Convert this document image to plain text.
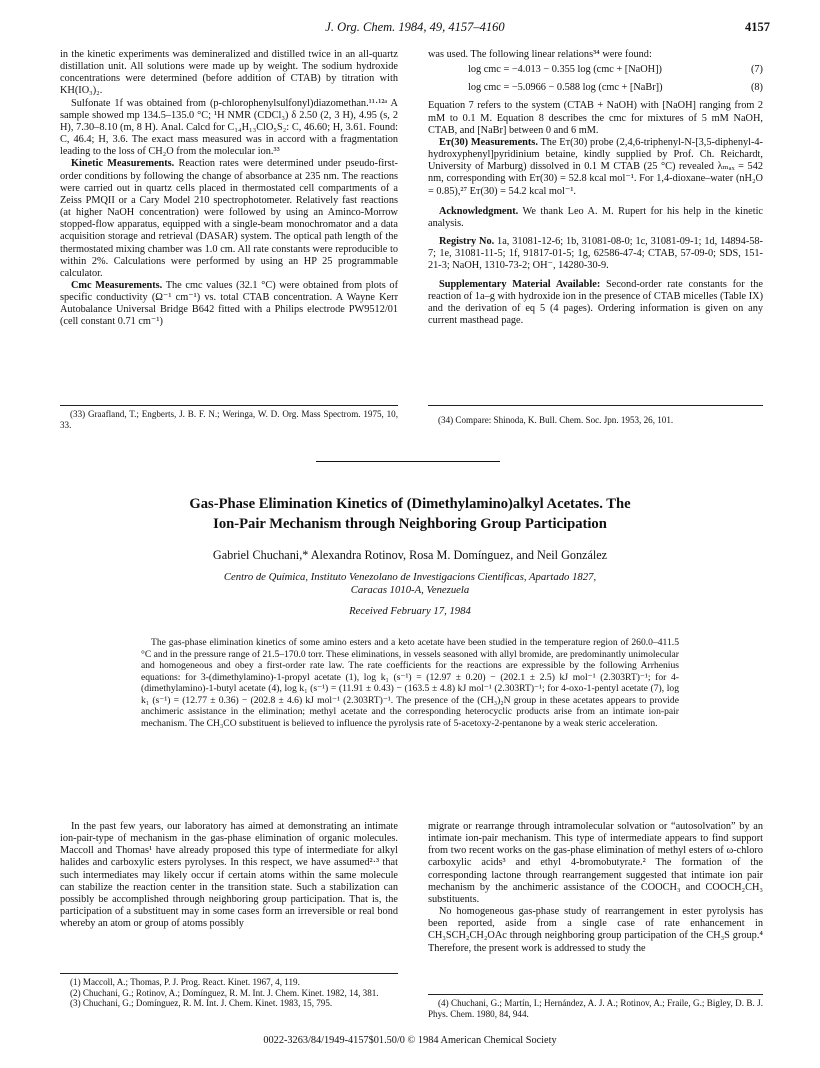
J. Org. Chem. 1984, 49, 4157–4160	4157

in the kinetic experiments was demineralized and distilled twice in an all-quartz distillation unit. All solutions were made up by weight. The sodium hydroxide concentrations were determined (before addition of CTAB) by titration with KH(IO₃)₂.

Sulfonate 1f was obtained from (p-chlorophenylsulfonyl)diazomethan.¹¹·¹²ᵃ A sample showed mp 134.5–135.0 °C; ¹H NMR (CDCl₃) δ 2.50 (2, 3 H), 4.95 (s, 2 H), 7.30–8.10 (m, 8 H). Anal. Calcd for C₁₄H₁₃ClO₅S₂: C, 46.60; H, 3.61. Found: C, 46.4; H, 3.6. The exact mass measured was in accord with a fragmentation leading to the loss of CH₂O from the molecular ion.³³

Kinetic Measurements. Reaction rates were determined under pseudo-first-order conditions by following the change of absorbance at 235 nm. The reactions were carried out in quartz cells placed in thermostated cell compartments of a Zeiss PMQII or a Cary Model 210 spectrophotometer. Relatively fast reactions (at higher NaOH concentration) were followed by using an Aminco-Morrow stopped-flow apparatus, equipped with a single-beam monochromator and a data acquisition storage and retrieval (DASAR) system. The optical path length of the thermostated mixing chamber was 1.0 cm. All rate constants were reproducible to within 2%. Calculations were performed by using an HP 25 programmable calculator.

Cmc Measurements. The cmc values (32.1 °C) were obtained from plots of specific conductivity (Ω⁻¹ cm⁻¹) vs. total CTAB concentration. A Wayne Kerr Autobalance Universal Bridge B642 fitted with a Philips electrode PW9512/01 (cell constant 0.71 cm⁻¹)

was used. The following linear relations³⁴ were found:

log cmc = −4.013 − 0.355 log (cmc + [NaOH])	(7)
log cmc = −5.0966 − 0.588 log (cmc + [NaBr])	(8)

Equation 7 refers to the system (CTAB + NaOH) with [NaOH] ranging from 2 mM to 0.1 M. Equation 8 describes the cmc for mixtures of 5 mM NaOH, CTAB, and [NaBr] between 0 and 6 mM.

Eᴛ(30) Measurements. The Eᴛ(30) probe (2,4,6-triphenyl-N-[3,5-diphenyl-4-hydroxyphenyl]pyridinium betaine, kindly supplied by Prof. Ch. Reichardt, University of Marburg) dissolved in 0.1 M CTAB (25 °C) revealed λₘₐₓ = 542 nm, corresponding with Eᴛ(30) = 52.8 kcal mol⁻¹. For 1,4-dioxane–water (nH₂O = 0.85),²⁷ Eᴛ(30) = 54.2 kcal mol⁻¹.

Acknowledgment. We thank Leo A. M. Rupert for his help in the kinetic analysis.

Registry No. 1a, 31081-12-6; 1b, 31081-08-0; 1c, 31081-09-1; 1d, 14894-58-7; 1e, 31081-11-5; 1f, 91817-01-5; 1g, 62586-47-4; CTAB, 57-09-0; SDS, 151-21-3; NaOH, 1310-73-2; OH⁻, 14280-30-9.

Supplementary Material Available: Second-order rate constants for the reaction of 1a–g with hydroxide ion in the presence of CTAB micelles (Table IX) and the derivation of eq 5 (4 pages). Ordering information is given on any current masthead page.

(33) Graafland, T.; Engberts, J. B. F. N.; Weringa, W. D. Org. Mass Spectrom. 1975, 10, 33.	(34) Compare: Shinoda, K. Bull. Chem. Soc. Jpn. 1953, 26, 101.

Gas-Phase Elimination Kinetics of (Dimethylamino)alkyl Acetates. The
Ion-Pair Mechanism through Neighboring Group Participation
Gabriel Chuchani,* Alexandra Rotinov, Rosa M. Domínguez, and Neil González
Centro de Química, Instituto Venezolano de Investigacions Científicas, Apartado 1827,
Caracas 1010-A, Venezuela
Received February 17, 1984
The gas-phase elimination kinetics of some amino esters and a keto acetate have been studied in the temperature region of 260.0–411.5 °C and in the pressure range of 21.5–170.0 torr. These eliminations, in vessels seasoned with allyl bromide, are predominantly unimolecular and homogeneous and obey a first-order rate law. The rate coefficients for the reactions are expressible by the following Arrhenius equations: for 3-(dimethylamino)-1-propyl acetate (1), log k₁ (s⁻¹) = (12.97 ± 0.20) − (202.1 ± 2.5) kJ mol⁻¹ (2.303RT)⁻¹; for 4-(dimethylamino)-1-butyl acetate (4), log k₁ (s⁻¹) = (11.91 ± 0.43) − (163.5 ± 4.8) kJ mol⁻¹ (2.303RT)⁻¹; for 4-oxo-1-pentyl acetate (7), log k₁ (s⁻¹) = (12.77 ± 0.36) − (202.8 ± 4.6) kJ mol⁻¹ (2.303RT)⁻¹. The presence of the (CH₃)₂N group in these acetates appears to provide anchimeric assistance in the elimination; methyl acetate and the corresponding heterocyclic products arise from an intimate ion-pair mechanism. The CH₃CO substituent is believed to influence the pyrolysis rate of 5-acetoxy-2-pentanone by a weak steric acceleration.

In the past few years, our laboratory has aimed at demonstrating an intimate ion-pair-type of mechanism in the gas-phase elimination of organic molecules. Maccoll and Thomas¹ have already proposed this type of intermediate for alkyl halides and carboxylic esters pyrolyses. In this respect, we have assumed²·³ that such intermediates may likely occur if certain atoms within the same molecule can stabilize the reaction center in the transition state. Such a stabilization can possibly be accomplished through neighboring group participation. That is, the participation of a substituent may in some cases form an irreversible or real bond whereby an atom or group of atoms possibly

migrate or rearrange through intramolecular solvation or “autosolvation” by an intimate ion-pair mechanism. This type of intermediate appears to find support from two recent works on the gas-phase elimination of methyl esters of ω-chloro carboxylic acids³ and ethyl 4-bromobutyrate.² The formation of the corresponding lactone through rearrangement suggested that intimate ion pair mechanism by the anchimeric assistance of the COOCH₃ and COOCH₂CH₃ substituents.

No homogeneous gas-phase study of rearrangement in ester pyrolysis has been reported, aside from a single case of rate enhancement in CH₃SCH₂CH₂OAc through neighboring group participation of the CH₃S group.⁴ Therefore, the present work is addressed to study the

(1) Maccoll, A.; Thomas, P. J. Prog. React. Kinet. 1967, 4, 119.

(2) Chuchani, G.; Rotinov, A.; Domínguez, R. M. Int. J. Chem. Kinet. 1982, 14, 381.

(3) Chuchani, G.; Domínguez, R. M. Int. J. Chem. Kinet. 1983, 15, 795.	(4) Chuchani, G.; Martín, I.; Hernández, A. J. A.; Rotinov, A.; Fraile, G.; Bigley, D. B. J. Phys. Chem. 1980, 84, 944.

0022-3263/84/1949-4157$01.50/0 © 1984 American Chemical Society
